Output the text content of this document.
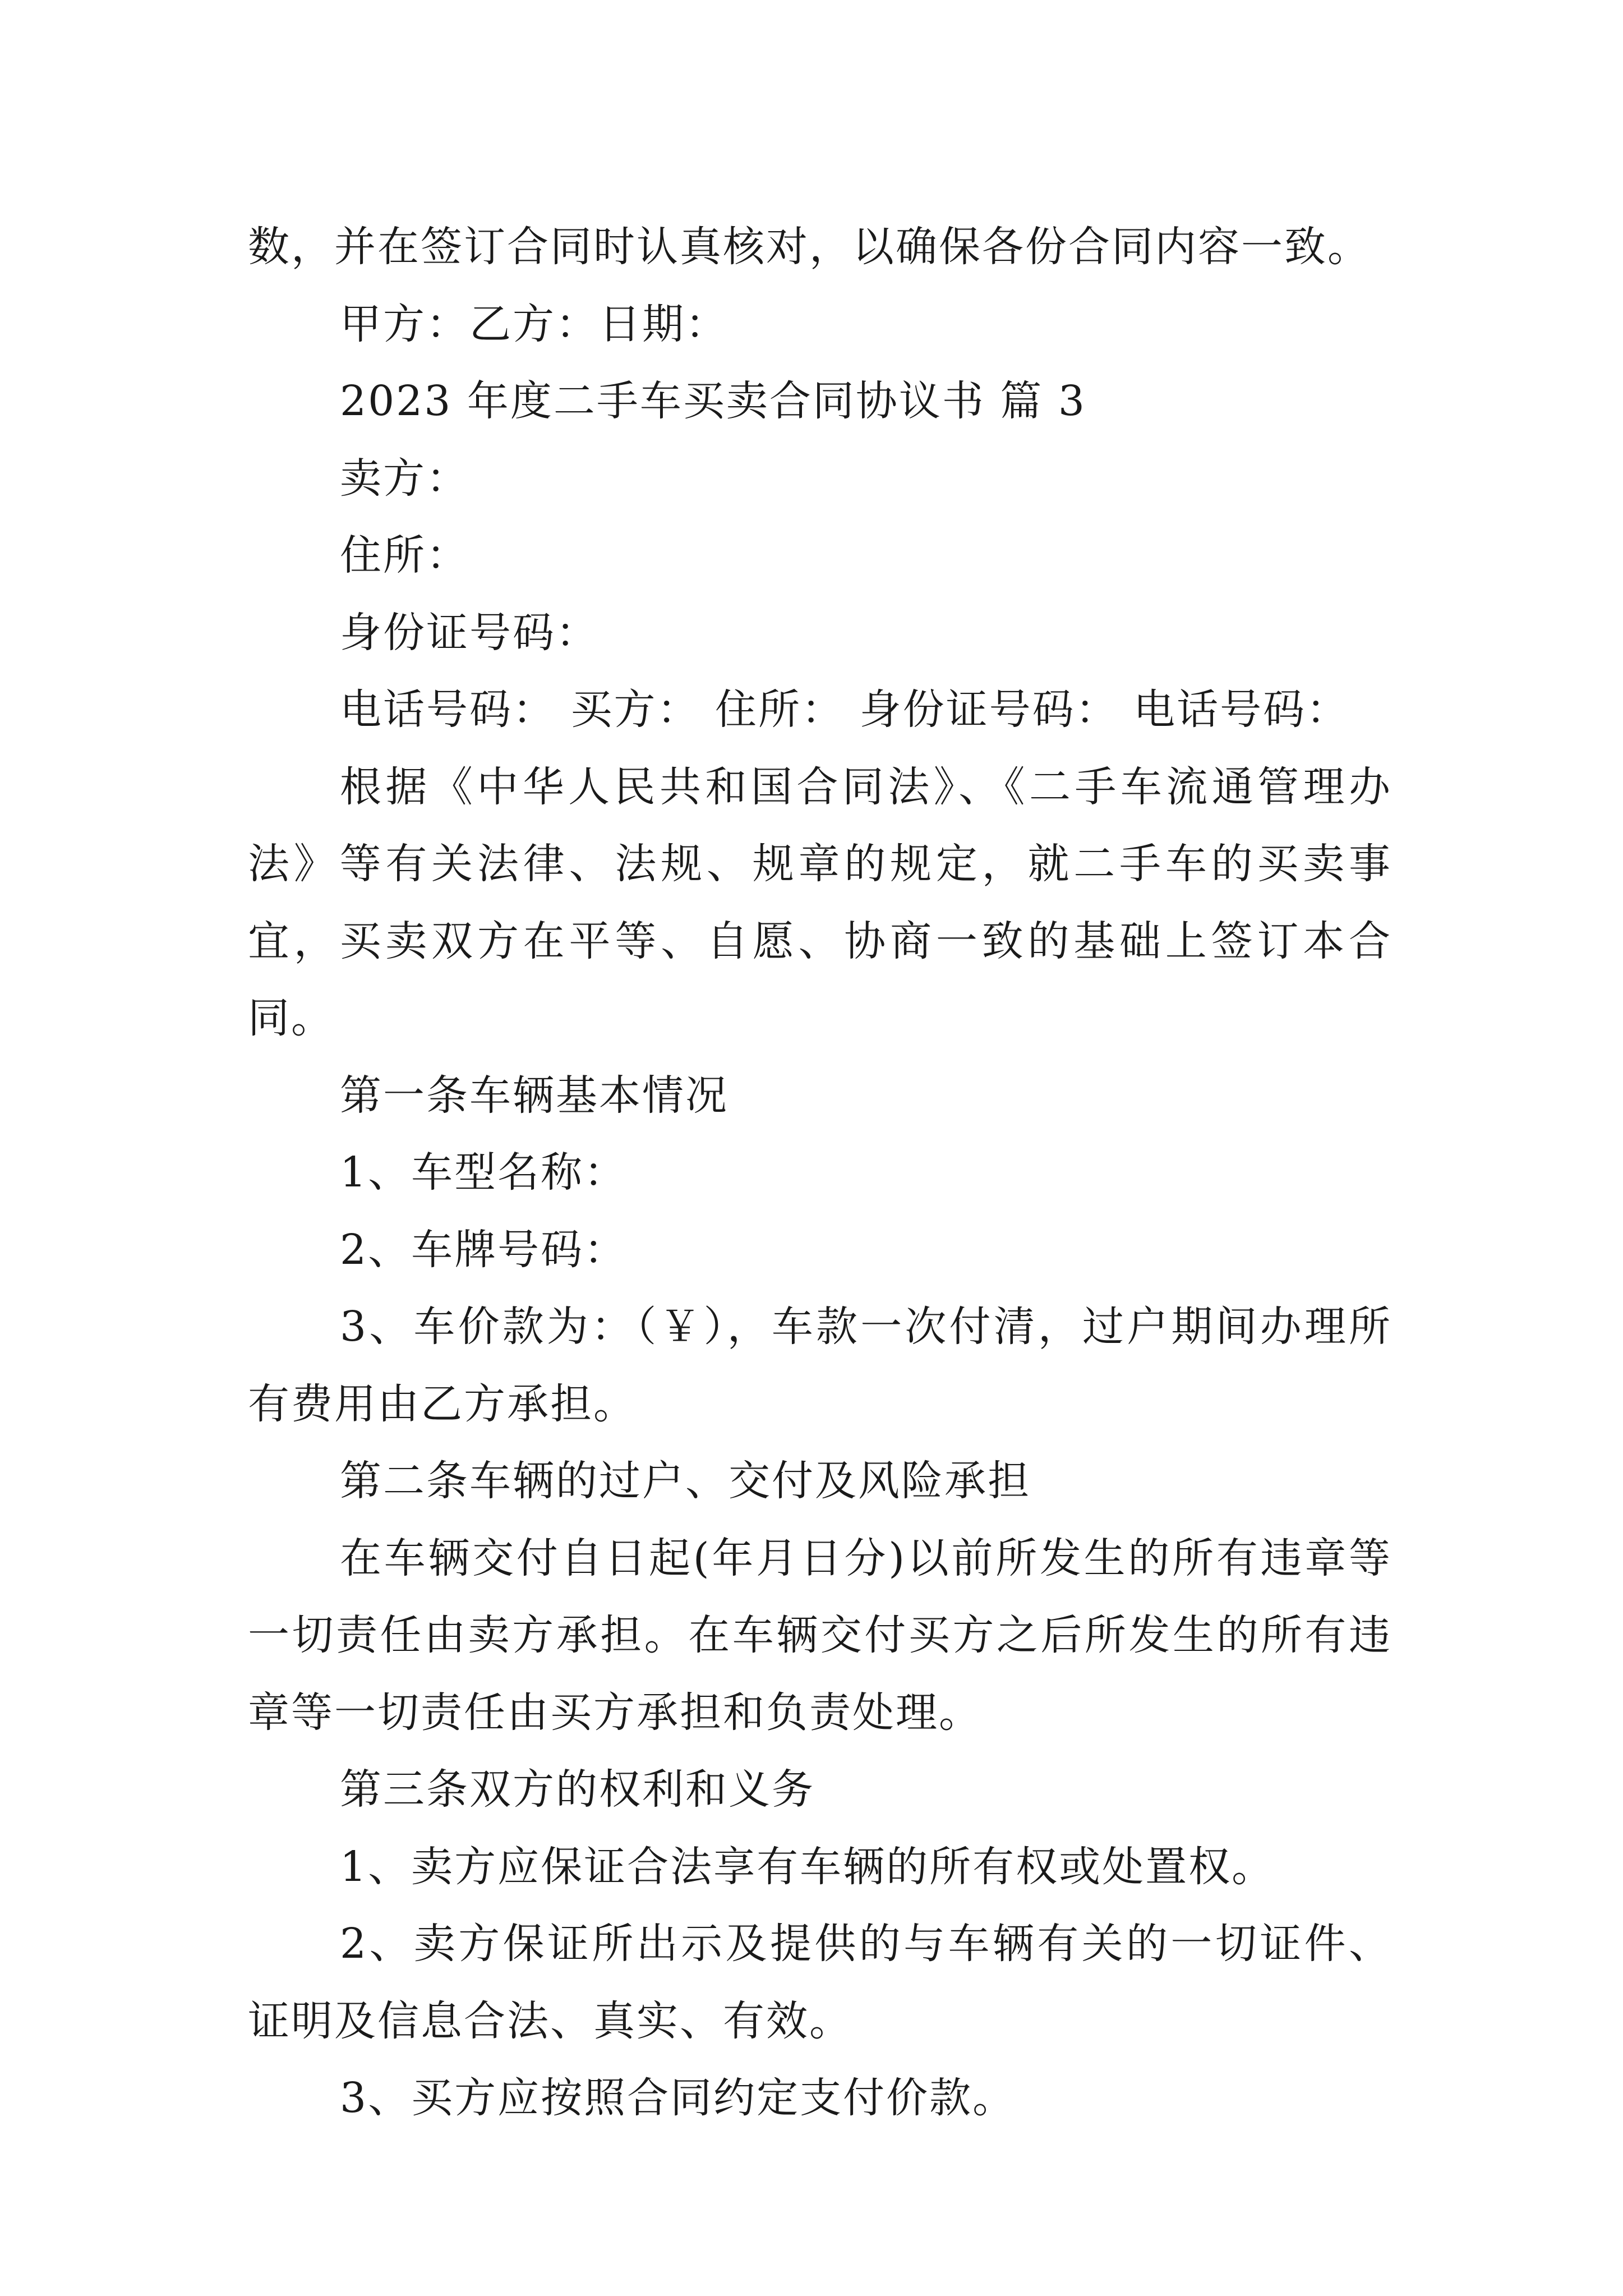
数，并在签订合同时认真核对，以确保各份合同内容一致。

甲方：乙方：日期：

2023 年度二手车买卖合同协议书 篇 3

卖方：

住所：

身份证号码：

电话号码： 买方： 住所： 身份证号码： 电话号码：

根据《中华人民共和国合同法》、《二手车流通管理办法》等有关法律、法规、规章的规定，就二手车的买卖事宜，买卖双方在平等、自愿、协商一致的基础上签订本合同。

第一条车辆基本情况

1、车型名称：

2、车牌号码：

3、车价款为：（￥），车款一次付清，过户期间办理所有费用由乙方承担。

第二条车辆的过户、交付及风险承担

在车辆交付自日起(年月日分)以前所发生的所有违章等一切责任由卖方承担。在车辆交付买方之后所发生的所有违章等一切责任由买方承担和负责处理。

第三条双方的权利和义务

1、卖方应保证合法享有车辆的所有权或处置权。

2、卖方保证所出示及提供的与车辆有关的一切证件、证明及信息合法、真实、有效。

3、买方应按照合同约定支付价款。
